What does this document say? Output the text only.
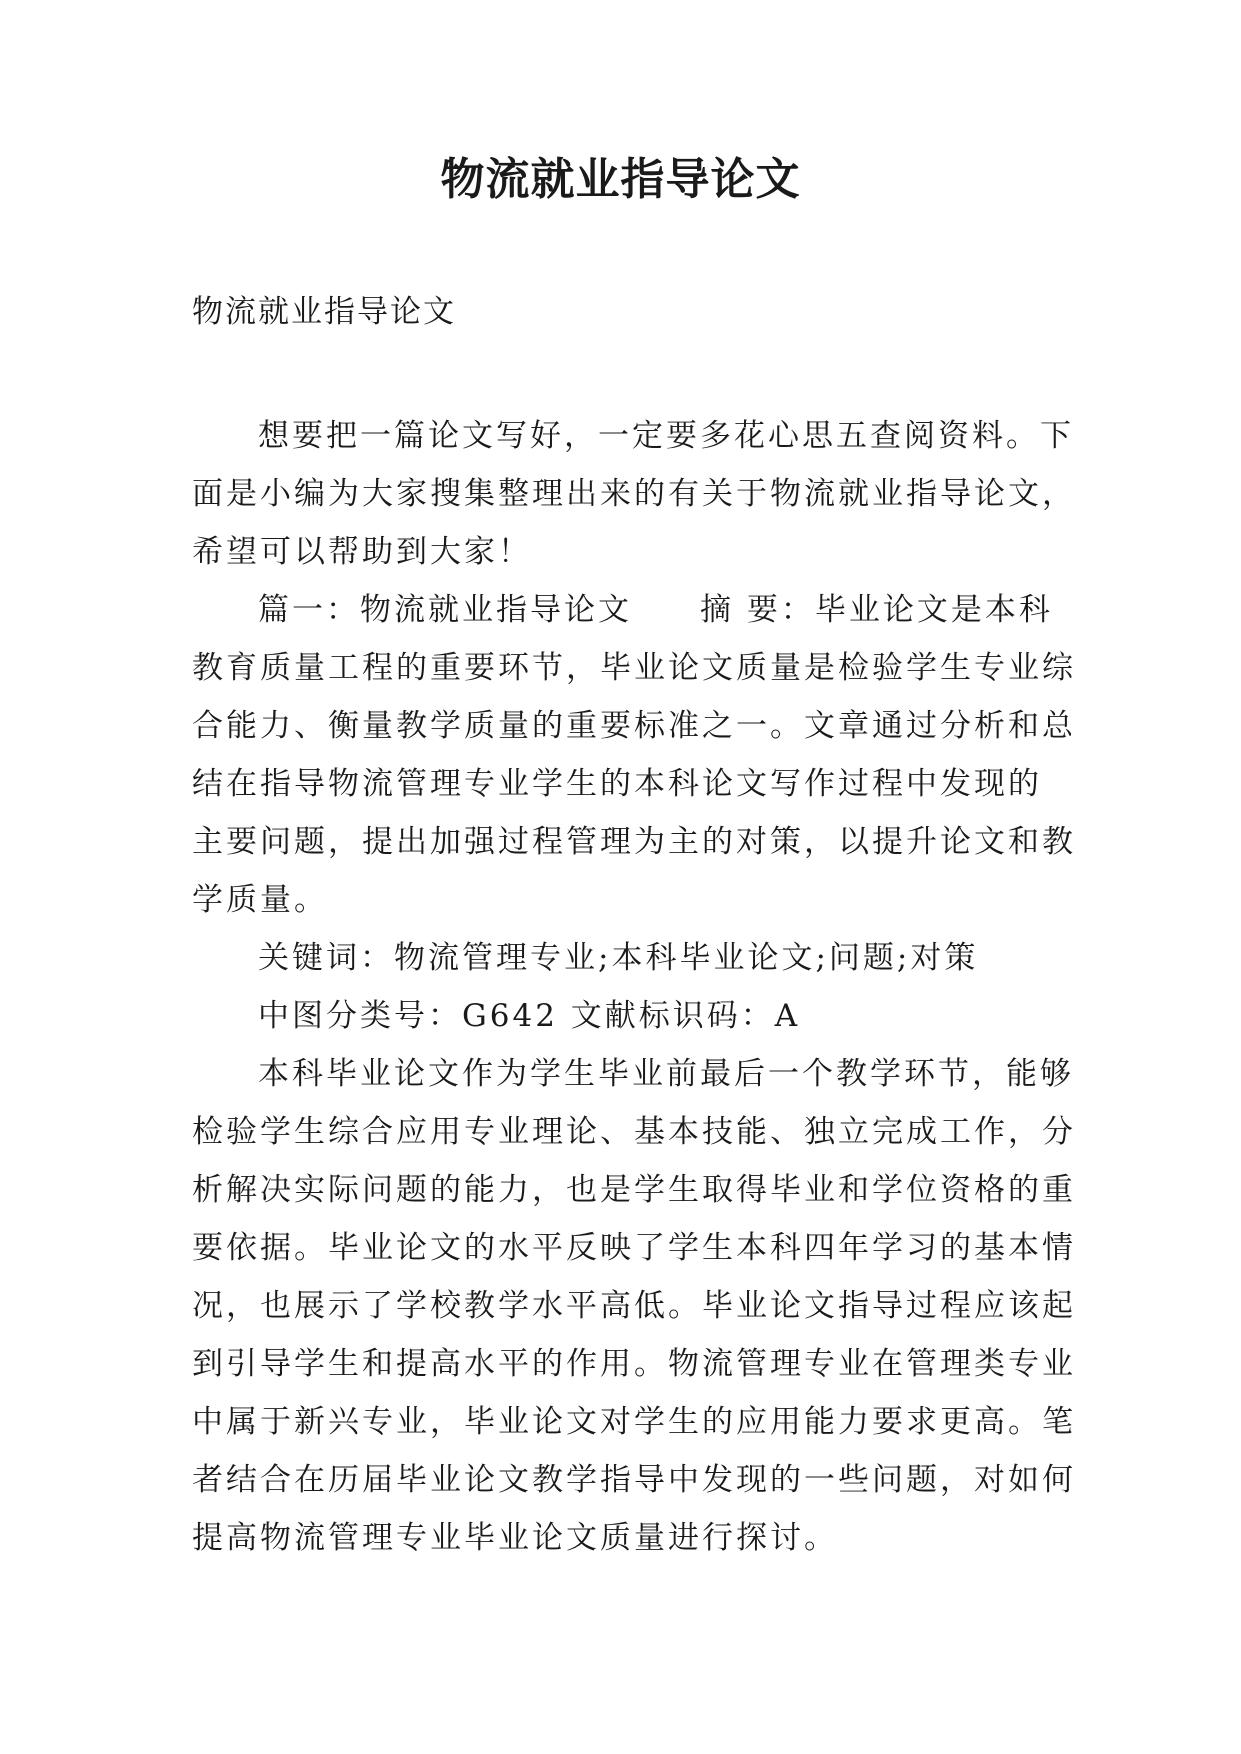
物流就业指导论文
物流就业指导论文
想要把一篇论文写好，一定要多花心思五查阅资料。下
面是小编为大家搜集整理出来的有关于物流就业指导论文，
希望可以帮助到大家！
篇一：物流就业指导论文　　摘 要：毕业论文是本科
教育质量工程的重要环节，毕业论文质量是检验学生专业综
合能力、衡量教学质量的重要标准之一。文章通过分析和总
结在指导物流管理专业学生的本科论文写作过程中发现的
主要问题，提出加强过程管理为主的对策，以提升论文和教
学质量。
关键词：物流管理专业;本科毕业论文;问题;对策
中图分类号：G642 文献标识码：A
本科毕业论文作为学生毕业前最后一个教学环节，能够
检验学生综合应用专业理论、基本技能、独立完成工作，分
析解决实际问题的能力，也是学生取得毕业和学位资格的重
要依据。毕业论文的水平反映了学生本科四年学习的基本情
况，也展示了学校教学水平高低。毕业论文指导过程应该起
到引导学生和提高水平的作用。物流管理专业在管理类专业
中属于新兴专业，毕业论文对学生的应用能力要求更高。笔
者结合在历届毕业论文教学指导中发现的一些问题，对如何
提高物流管理专业毕业论文质量进行探讨。
